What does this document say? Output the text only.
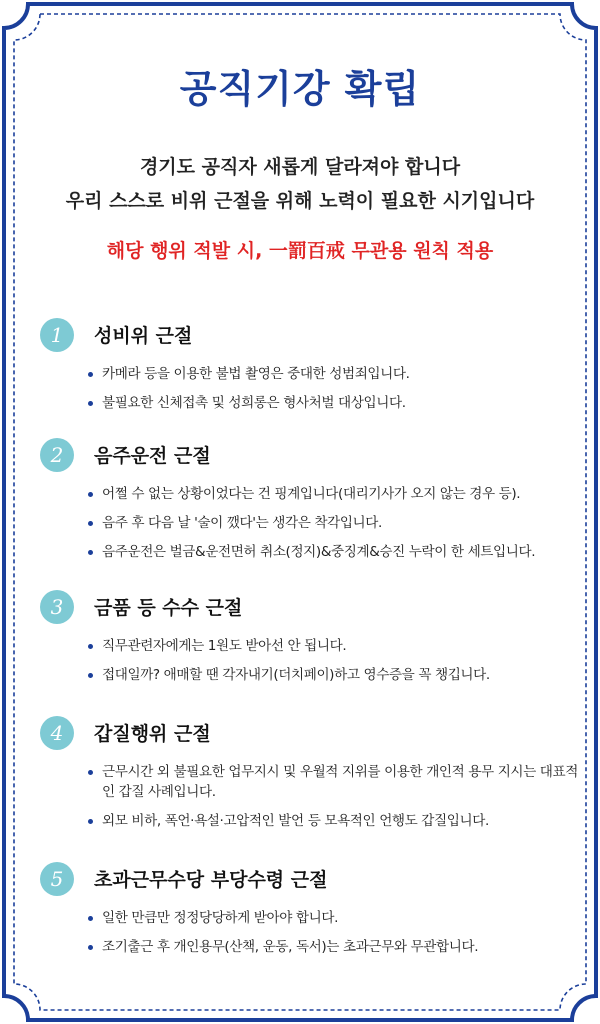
공직기강 확립
경기도 공직자 새롭게 달라져야 합니다
우리 스스로 비위 근절을 위해 노력이 필요한 시기입니다
해당 행위 적발 시, 一罰百戒 무관용 원칙 적용
1	성비위 근절
카메라 등을 이용한 불법 촬영은 중대한 성범죄입니다.
불필요한 신체접촉 및 성희롱은 형사처벌 대상입니다.
2	음주운전 근절
어쩔 수 없는 상황이었다는 건 핑계입니다(대리기사가 오지 않는 경우 등).
음주 후 다음 날 '술이 깼다'는 생각은 착각입니다.
음주운전은 벌금&운전면허 취소(정지)&중징계&승진 누락이 한 세트입니다.
3	금품 등 수수 근절
직무관련자에게는 1원도 받아선 안 됩니다.
접대일까? 애매할 땐 각자내기(더치페이)하고 영수증을 꼭 챙깁니다.
4	갑질행위 근절
근무시간 외 불필요한 업무지시 및 우월적 지위를 이용한 개인적 용무 지시는 대표적인 갑질 사례입니다.
외모 비하, 폭언·욕설·고압적인 발언 등 모욕적인 언행도 갑질입니다.
5	초과근무수당 부당수령 근절
일한 만큼만 정정당당하게 받아야 합니다.
조기출근 후 개인용무(산책, 운동, 독서)는 초과근무와 무관합니다.
